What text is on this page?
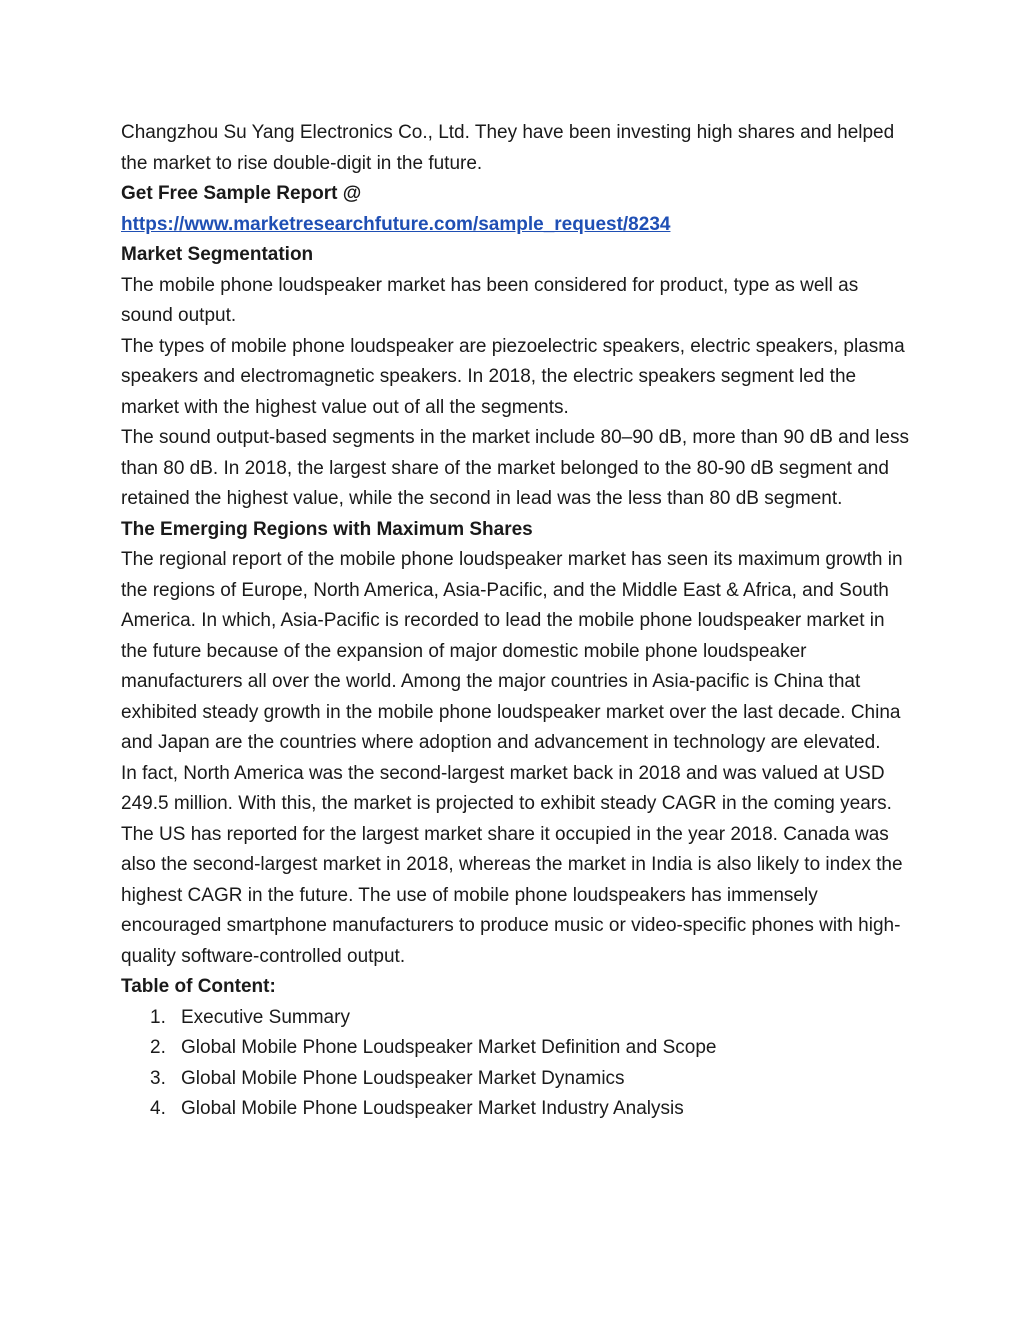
Changzhou Su Yang Electronics Co., Ltd. They have been investing high shares and helped the market to rise double-digit in the future.

Get Free Sample Report @

https://www.marketresearchfuture.com/sample_request/8234

Market Segmentation

The mobile phone loudspeaker market has been considered for product, type as well as sound output.

The types of mobile phone loudspeaker are piezoelectric speakers, electric speakers, plasma speakers and electromagnetic speakers. In 2018, the electric speakers segment led the market with the highest value out of all the segments.

The sound output-based segments in the market include 80–90 dB, more than 90 dB and less than 80 dB. In 2018, the largest share of the market belonged to the 80-90 dB segment and retained the highest value, while the second in lead was the less than 80 dB segment.

The Emerging Regions with Maximum Shares

The regional report of the mobile phone loudspeaker market has seen its maximum growth in the regions of Europe, North America, Asia-Pacific, and the Middle East & Africa, and South America. In which, Asia-Pacific is recorded to lead the mobile phone loudspeaker market in the future because of the expansion of major domestic mobile phone loudspeaker manufacturers all over the world. Among the major countries in Asia-pacific is China that exhibited steady growth in the mobile phone loudspeaker market over the last decade. China and Japan are the countries where adoption and advancement in technology are elevated.

In fact, North America was the second-largest market back in 2018 and was valued at USD 249.5 million. With this, the market is projected to exhibit steady CAGR in the coming years. The US has reported for the largest market share it occupied in the year 2018. Canada was also the second-largest market in 2018, whereas the market in India is also likely to index the highest CAGR in the future. The use of mobile phone loudspeakers has immensely encouraged smartphone manufacturers to produce music or video-specific phones with high-quality software-controlled output.

Table of Content:

1. Executive Summary
2. Global Mobile Phone Loudspeaker Market Definition and Scope
3. Global Mobile Phone Loudspeaker Market Dynamics
4. Global Mobile Phone Loudspeaker Market Industry Analysis
